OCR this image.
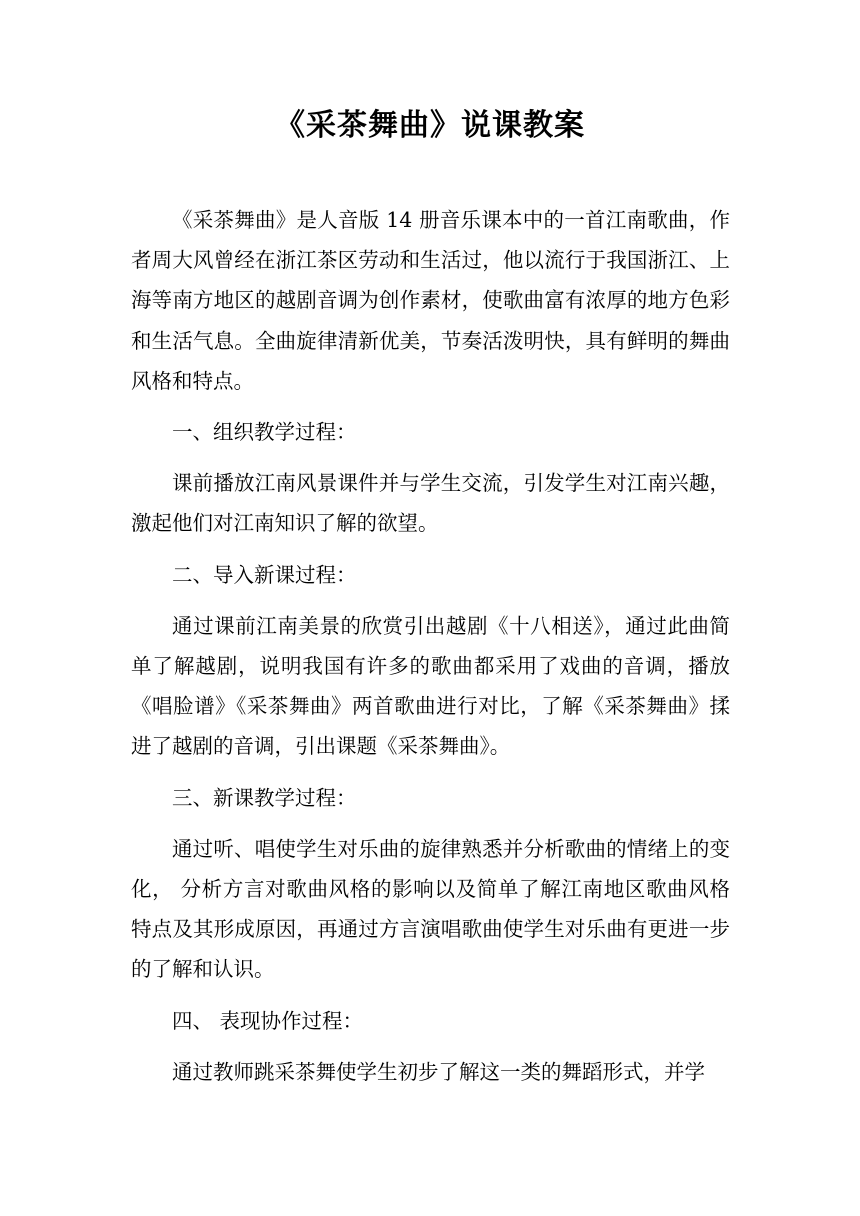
《采茶舞曲》说课教案

《采茶舞曲》是人音版 14 册音乐课本中的一首江南歌曲，作者周大风曾经在浙江茶区劳动和生活过，他以流行于我国浙江、上海等南方地区的越剧音调为创作素材，使歌曲富有浓厚的地方色彩和生活气息。全曲旋律清新优美，节奏活泼明快，具有鲜明的舞曲风格和特点。

一、组织教学过程：

课前播放江南风景课件并与学生交流，引发学生对江南兴趣，激起他们对江南知识了解的欲望。

二、导入新课过程：

通过课前江南美景的欣赏引出越剧《十八相送》，通过此曲简单了解越剧，说明我国有许多的歌曲都采用了戏曲的音调，播放《唱脸谱》《采茶舞曲》两首歌曲进行对比，了解《采茶舞曲》揉进了越剧的音调，引出课题《采茶舞曲》。

三、新课教学过程：

通过听、唱使学生对乐曲的旋律熟悉并分析歌曲的情绪上的变化， 分析方言对歌曲风格的影响以及简单了解江南地区歌曲风格特点及其形成原因，再通过方言演唱歌曲使学生对乐曲有更进一步的了解和认识。

四、 表现协作过程：

通过教师跳采茶舞使学生初步了解这一类的舞蹈形式，并学
